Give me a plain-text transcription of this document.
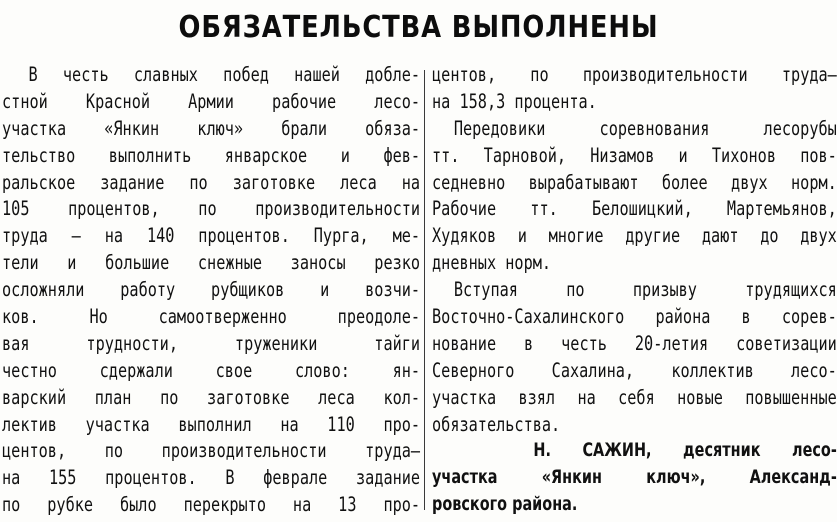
ОБЯЗАТЕЛЬСТВА ВЫПОЛНЕНЫ
В честь славных побед нашей добле-
стной Красной Армии рабочие лесо-
участка «Янкин ключ» брали обяза-
тельство выполнить январское и фев-
ральское задание по заготовке леса на
105 процентов, по производительности
труда — на 140 процентов. Пурга, ме-
тели и большие снежные заносы резко
осложняли работу рубщиков и возчи-
ков. Но самоотверженно преодоле-
вая трудности, труженики тайги
честно сдержали свое слово: ян-
варский план по заготовке леса кол-
лектив участка выполнил на 110 про-
центов, по производительности труда—
на 155 процентов. В феврале задание
по рубке было перекрыто на 13 про-
центов, по производительности труда—
на 158,3 процента.
Передовики соревнования лесорубы
тт. Тарновой, Низамов и Тихонов пов-
седневно вырабатывают более двух норм.
Рабочие тт. Белошицкий, Мартемьянов,
Худяков и многие другие дают до двух
дневных норм.
Вступая по призыву трудящихся
Восточно-Сахалинского района в сорев-
нование в честь 20-летия советизации
Северного Сахалина, коллектив лесо-
участка взял на себя новые повышенные
обязательства.
Н. САЖИН, десятник лесо-
участка «Янкин ключ», Александ-
ровского района.
